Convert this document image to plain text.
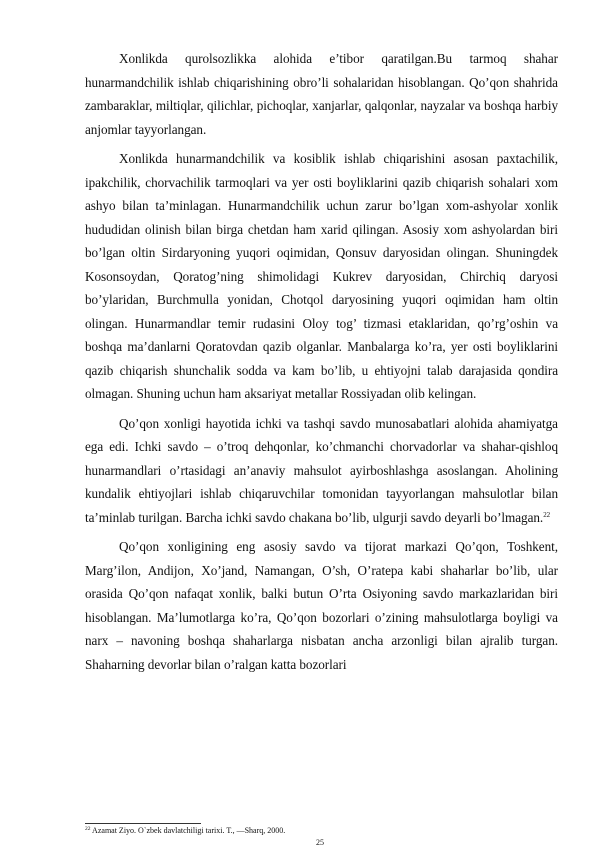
Xonlikda qurolsozlikka alohida e’tibor qaratilgan.Bu tarmoq shahar hunarmandchilik ishlab chiqarishining obro’li sohalaridan hisoblangan. Qo’qon shahrida zambaraklar, miltiqlar, qilichlar, pichoqlar, xanjarlar, qalqonlar, nayzalar va boshqa harbiy anjomlar tayyorlangan.

Xonlikda hunarmandchilik va kosiblik ishlab chiqarishini asosan paxtachilik, ipakchilik, chorvachilik tarmoqlari va yer osti boyliklarini qazib chiqarish sohalari xom ashyo bilan ta’minlagan. Hunarmandchilik uchun zarur bo’lgan xom-ashyolar xonlik hududidan olinish bilan birga chetdan ham xarid qilingan. Asosiy xom ashyolardan biri bo’lgan oltin Sirdaryoning yuqori oqimidan, Qonsuv daryosidan olingan. Shuningdek Kosonsoydan, Qoratog’ning shimolidagi Kukrev daryosidan, Chirchiq daryosi bo’ylaridan, Burchmulla yonidan, Chotqol daryosining yuqori oqimidan ham oltin olingan. Hunarmandlar temir rudasini Oloy tog’ tizmasi etaklaridan, qo’rg’oshin va boshqa ma’danlarni Qoratovdan qazib olganlar. Manbalarga ko’ra, yer osti boyliklarini qazib chiqarish shunchalik sodda va kam bo’lib, u ehtiyojni talab darajasida qondira olmagan. Shuning uchun ham aksariyat metallar Rossiyadan olib kelingan.

Qo’qon xonligi hayotida ichki va tashqi savdo munosabatlari alohida ahamiyatga ega edi. Ichki savdo – o’troq dehqonlar, ko’chmanchi chorvadorlar va shahar-qishloq hunarmandlari o’rtasidagi an’anaviy mahsulot ayirboshlashga asoslangan. Aholining kundalik ehtiyojlari ishlab chiqaruvchilar tomonidan tayyorlangan mahsulotlar bilan ta’minlab turilgan. Barcha ichki savdo chakana bo’lib, ulgurji savdo deyarli bo’lmagan.$^{22}$

Qo’qon xonligining eng asosiy savdo va tijorat markazi Qo’qon, Toshkent, Marg’ilon, Andijon, Xo’jand, Namangan, O’sh, O’ratepa kabi shaharlar bo’lib, ular orasida Qo’qon nafaqat xonlik, balki butun O’rta Osiyoning savdo markazlaridan biri hisoblangan. Ma’lumotlarga ko’ra, Qo’qon bozorlari o’zining mahsulotlarga boyligi va narx – navoning boshqa shaharlarga nisbatan ancha arzonligi bilan ajralib turgan. Shaharning devorlar bilan o’ralgan katta bozorlari

$^{22}$ Azamat Ziyo. O`zbek davlatchiligi tarixi. T., —Sharq, 2000.
25
